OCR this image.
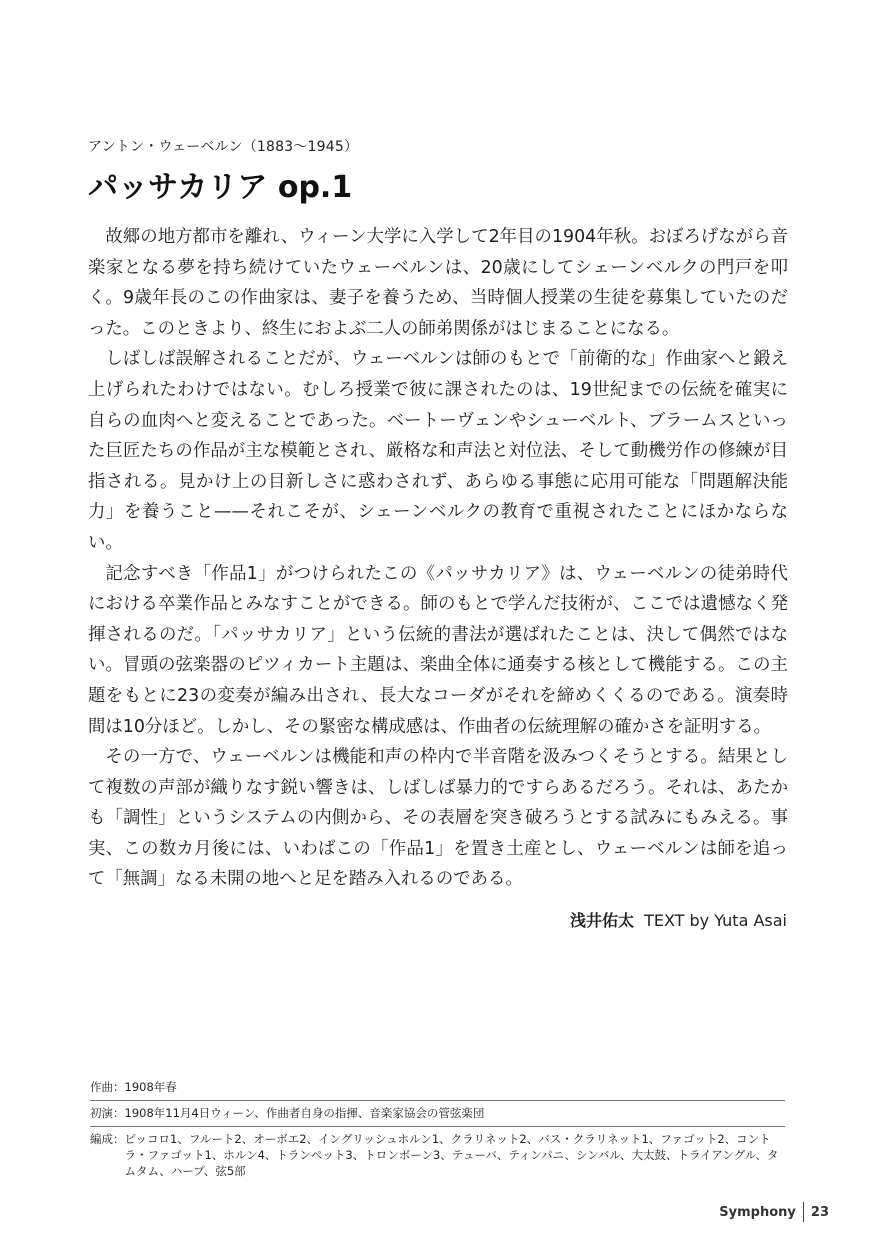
アントン・ウェーベルン（1883～1945）
パッサカリア op.1

故郷の地方都市を離れ、ウィーン大学に入学して2年目の1904年秋。おぼろげながら音楽家となる夢を持ち続けていたウェーベルンは、20歳にしてシェーンベルクの門戸を叩く。9歳年長のこの作曲家は、妻子を養うため、当時個人授業の生徒を募集していたのだった。このときより、終生におよぶ二人の師弟関係がはじまることになる。

しばしば誤解されることだが、ウェーベルンは師のもとで「前衛的な」作曲家へと鍛え上げられたわけではない。むしろ授業で彼に課されたのは、19世紀までの伝統を確実に自らの血肉へと変えることであった。ベートーヴェンやシューベルト、ブラームスといった巨匠たちの作品が主な模範とされ、厳格な和声法と対位法、そして動機労作の修練が目指される。見かけ上の目新しさに惑わされず、あらゆる事態に応用可能な「問題解決能力」を養うこと——それこそが、シェーンベルクの教育で重視されたことにほかならない。

記念すべき「作品1」がつけられたこの《パッサカリア》は、ウェーベルンの徒弟時代における卒業作品とみなすことができる。師のもとで学んだ技術が、ここでは遺憾なく発揮されるのだ。「パッサカリア」という伝統的書法が選ばれたことは、決して偶然ではない。冒頭の弦楽器のピツィカート主題は、楽曲全体に通奏する核として機能する。この主題をもとに23の変奏が編み出され、長大なコーダがそれを締めくくるのである。演奏時間は10分ほど。しかし、その緊密な構成感は、作曲者の伝統理解の確かさを証明する。

その一方で、ウェーベルンは機能和声の枠内で半音階を汲みつくそうとする。結果として複数の声部が織りなす鋭い響きは、しばしば暴力的ですらあるだろう。それは、あたかも「調性」というシステムの内側から、その表層を突き破ろうとする試みにもみえる。事実、この数カ月後には、いわばこの「作品1」を置き土産とし、ウェーベルンは師を追って「無調」なる未開の地へと足を踏み入れるのである。

浅井佑太 TEXT by Yuta Asai
作曲：1908年春
初演：1908年11月4日ウィーン、作曲者自身の指揮、音楽家協会の管弦楽団
編成： ピッコロ1、フルート2、オーボエ2、イングリッシュホルン1、クラリネット2、バス・クラリネット1、ファゴット2、コントラ・ファゴット1、ホルン4、トランペット3、トロンボーン3、テューバ、ティンパニ、シンバル、大太鼓、トライアングル、タムタム、ハープ、弦5部
Symphony 23
